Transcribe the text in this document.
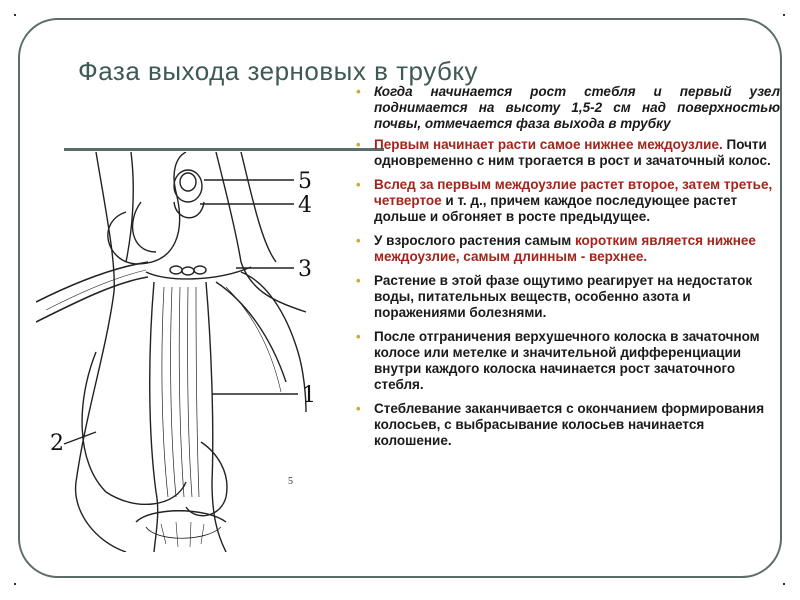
Фаза выхода зерновых в трубку
5
4
3
1
2
5
• Когда начинается рост стебля и первый узел поднимается на высоту 1,5-2 см над поверхностью почвы, отмечается фаза выхода в трубку
• Первым начинает расти самое нижнее междоузлие. Почти одновременно с ним трогается в рост и зачаточный колос.
• Вслед за первым междоузлие растет второе, затем третье, четвертое и т. д., причем каждое последующее растет дольше и обгоняет в росте предыдущее.
• У взрослого растения самым коротким является нижнее междоузлие, самым длинным - верхнее.
• Растение в этой фазе ощутимо реагирует на недостаток воды, питательных веществ, особенно азота и поражениями болезнями.
• После отграничения верхушечного колоска в зачаточном колосе или метелке и значительной дифференциации внутри каждого колоска начинается рост зачаточного стебля.
• Стеблевание заканчивается с окончанием формирования колосьев, с выбрасывание колосьев начинается колошение.
